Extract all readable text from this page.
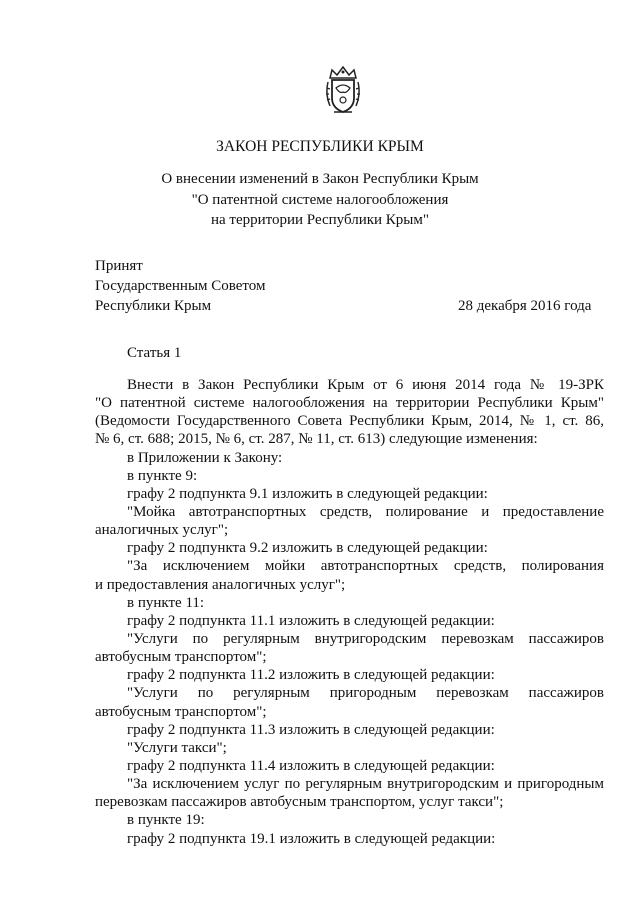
ЗАКОН РЕСПУБЛИКИ КРЫМ
О внесении изменений в Закон Республики Крым
"О патентной системе налогообложения
на территории Республики Крым"
Принят
Государственным Советом
Республики Крым	28 декабря 2016 года
Статья 1
Внести в Закон Республики Крым от 6 июня 2014 года № 19-ЗРК
"О патентной системе налогообложения на территории Республики Крым"
(Ведомости Государственного Совета Республики Крым, 2014, № 1, ст. 86,
№ 6, ст. 688; 2015, № 6, ст. 287, № 11, ст. 613) следующие изменения:
в Приложении к Закону:
в пункте 9:
графу 2 подпункта 9.1 изложить в следующей редакции:
"Мойка автотранспортных средств, полирование и предоставление
аналогичных услуг";
графу 2 подпункта 9.2 изложить в следующей редакции:
"За исключением мойки автотранспортных средств, полирования
и предоставления аналогичных услуг";
в пункте 11:
графу 2 подпункта 11.1 изложить в следующей редакции:
"Услуги по регулярным внутригородским перевозкам пассажиров
автобусным транспортом";
графу 2 подпункта 11.2 изложить в следующей редакции:
"Услуги по регулярным пригородным перевозкам пассажиров
автобусным транспортом";
графу 2 подпункта 11.3 изложить в следующей редакции:
"Услуги такси";
графу 2 подпункта 11.4 изложить в следующей редакции:
"За исключением услуг по регулярным внутригородским и пригородным
перевозкам пассажиров автобусным транспортом, услуг такси";
в пункте 19:
графу 2 подпункта 19.1 изложить в следующей редакции:
